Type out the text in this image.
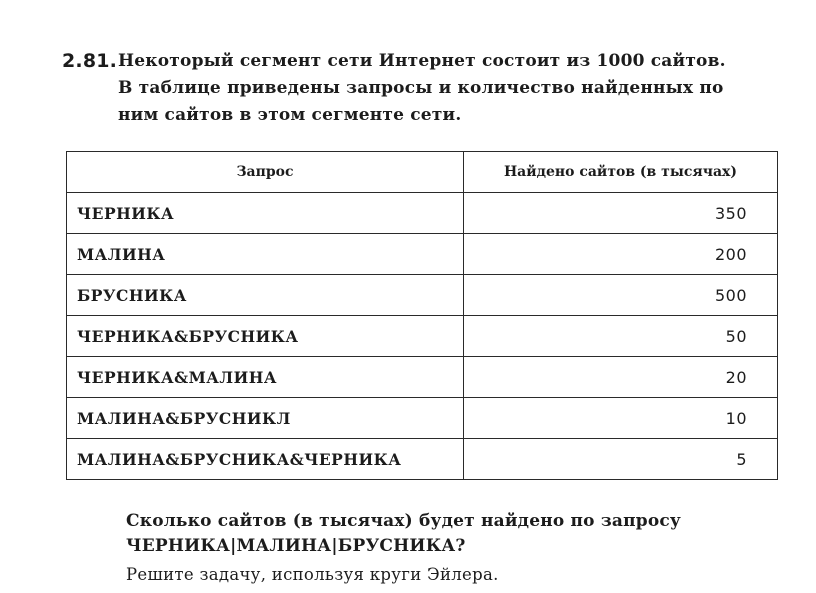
2.81. Некоторый сегмент сети Интернет состоит из 1000 сайтов.
В таблице приведены запросы и количество найденных по
ним сайтов в этом сегменте сети.
Запрос	Найдено сайтов (в тысячах)
ЧЕРНИКА	350
МАЛИНА	200
БРУСНИКА	500
ЧЕРНИКА&БРУСНИКА	50
ЧЕРНИКА&МАЛИНА	20
МАЛИНА&БРУСНИКЛ	10
МАЛИНА&БРУСНИКА&ЧЕРНИКА	5
Сколько сайтов (в тысячах) будет найдено по запросу
ЧЕРНИКА|МАЛИНА|БРУСНИКА?
Решите задачу, используя круги Эйлера.
